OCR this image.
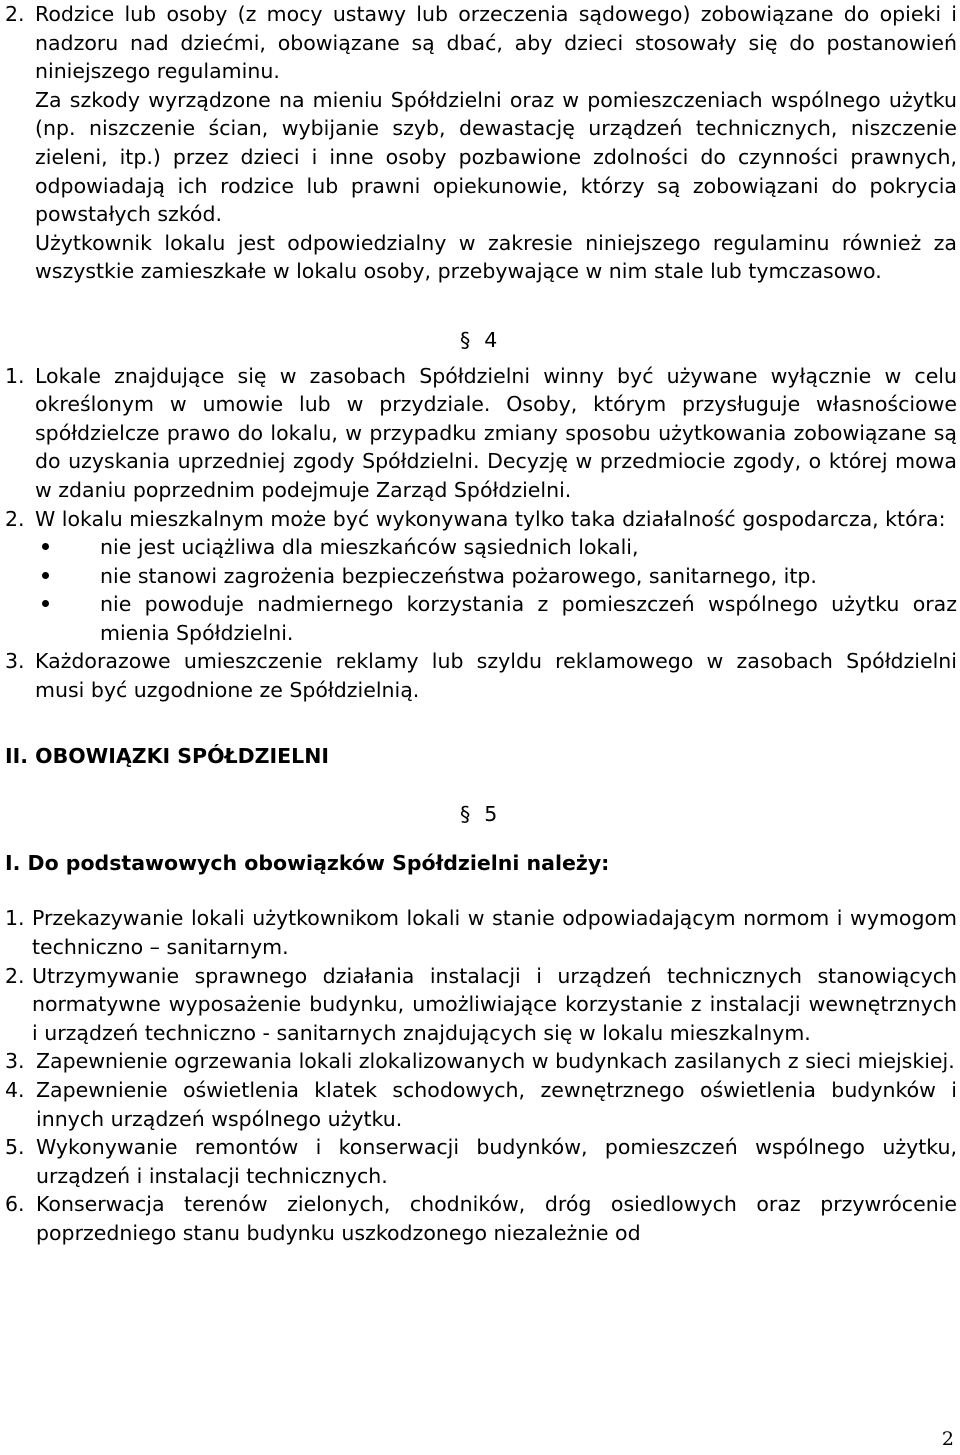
2. Rodzice lub osoby (z mocy ustawy lub orzeczenia sądowego) zobowiązane do opieki i nadzoru nad dziećmi, obowiązane są dbać, aby dzieci stosowały się do postanowień niniejszego regulaminu.
Za szkody wyrządzone na mieniu Spółdzielni oraz w pomieszczeniach wspólnego użytku (np. niszczenie ścian, wybijanie szyb, dewastację urządzeń technicznych, niszczenie zieleni, itp.) przez dzieci i inne osoby pozbawione zdolności do czynności prawnych, odpowiadają ich rodzice lub prawni opiekunowie, którzy są zobowiązani do pokrycia powstałych szkód.
Użytkownik lokalu jest odpowiedzialny w zakresie niniejszego regulaminu również za wszystkie zamieszkałe w lokalu osoby, przebywające w nim stale lub tymczasowo.
§ 4
1. Lokale znajdujące się w zasobach Spółdzielni winny być używane wyłącznie w celu określonym w umowie lub w przydziale. Osoby, którym przysługuje własnościowe spółdzielcze prawo do lokalu, w przypadku zmiany sposobu użytkowania zobowiązane są do uzyskania uprzedniej zgody Spółdzielni. Decyzję w przedmiocie zgody, o której mowa w zdaniu poprzednim podejmuje Zarząd Spółdzielni.
2. W lokalu mieszkalnym może być wykonywana tylko taka działalność gospodarcza, która:
nie jest uciążliwa dla mieszkańców sąsiednich lokali,
nie stanowi zagrożenia bezpieczeństwa pożarowego, sanitarnego, itp.
nie powoduje nadmiernego korzystania z pomieszczeń wspólnego użytku oraz mienia Spółdzielni.
3. Każdorazowe umieszczenie reklamy lub szyldu reklamowego w zasobach Spółdzielni musi być uzgodnione ze Spółdzielnią.
II. OBOWIĄZKI SPÓŁDZIELNI
§ 5
I. Do podstawowych obowiązków Spółdzielni należy:
1. Przekazywanie lokali użytkownikom lokali w stanie odpowiadającym normom i wymogom techniczno – sanitarnym.
2. Utrzymywanie sprawnego działania instalacji i urządzeń technicznych stanowiących normatywne wyposażenie budynku, umożliwiające korzystanie z instalacji wewnętrznych i urządzeń techniczno - sanitarnych znajdujących się w lokalu mieszkalnym.
3. Zapewnienie ogrzewania lokali zlokalizowanych w budynkach zasilanych z sieci miejskiej.
4. Zapewnienie oświetlenia klatek schodowych, zewnętrznego oświetlenia budynków i innych urządzeń wspólnego użytku.
5. Wykonywanie remontów i konserwacji budynków, pomieszczeń wspólnego użytku, urządzeń i instalacji technicznych.
6. Konserwacja terenów zielonych, chodników, dróg osiedlowych oraz przywrócenie poprzedniego stanu budynku uszkodzonego niezależnie od
2
